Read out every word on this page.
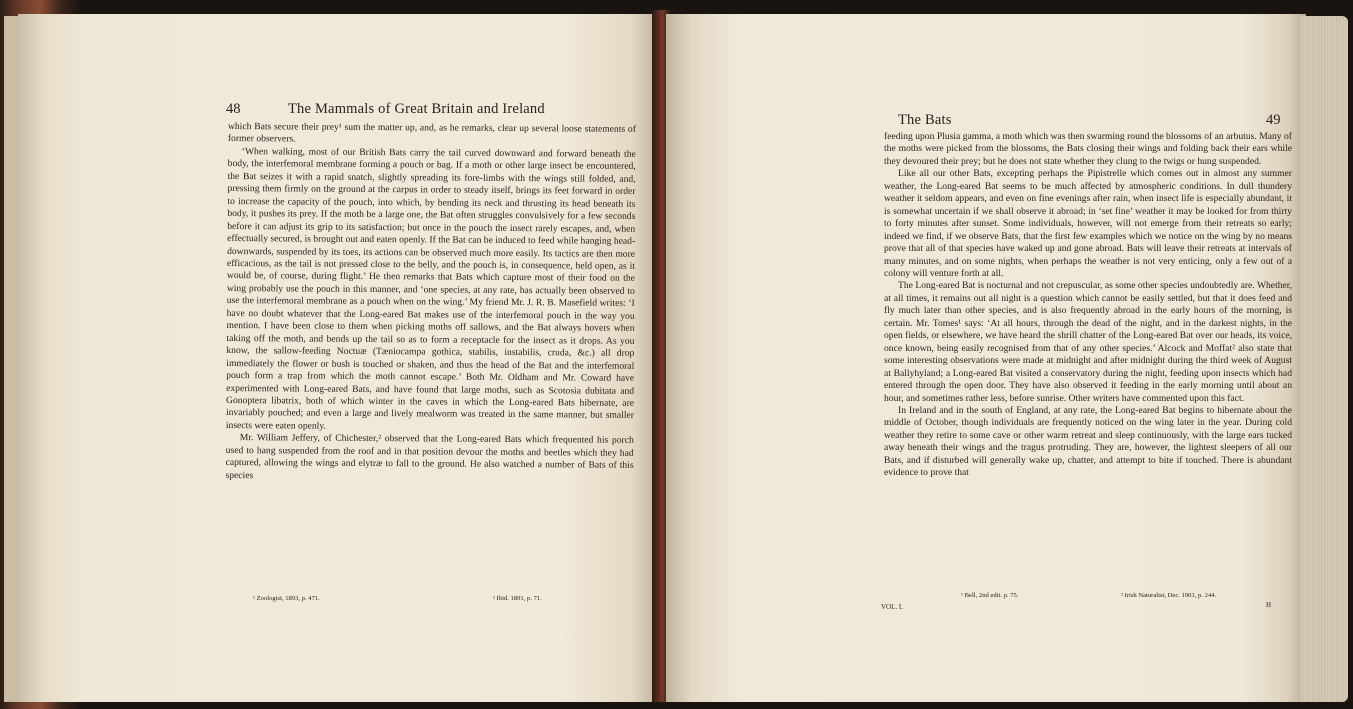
48	The Mammals of Great Britain and Ireland

which Bats secure their prey¹ sum the matter up, and, as he remarks, clear up several loose statements of former observers.

‘When walking, most of our British Bats carry the tail curved downward and forward beneath the body, the interfemoral membrane forming a pouch or bag. If a moth or other large insect be encountered, the Bat seizes it with a rapid snatch, slightly spreading its fore-limbs with the wings still folded, and, pressing them firmly on the ground at the carpus in order to steady itself, brings its feet forward in order to increase the capacity of the pouch, into which, by bending its neck and thrusting its head beneath its body, it pushes its prey. If the moth be a large one, the Bat often struggles convulsively for a few seconds before it can adjust its grip to its satisfaction; but once in the pouch the insect rarely escapes, and, when effectually secured, is brought out and eaten openly. If the Bat can be induced to feed while hanging head-downwards, suspended by its toes, its actions can be observed much more easily. Its tactics are then more efficacious, as the tail is not pressed close to the belly, and the pouch is, in consequence, held open, as it would be, of course, during flight.’ He then remarks that Bats which capture most of their food on the wing probably use the pouch in this manner, and ‘one species, at any rate, has actually been observed to use the interfemoral membrane as a pouch when on the wing.’ My friend Mr. J. R. B. Masefield writes: ‘I have no doubt whatever that the Long-eared Bat makes use of the interfemoral pouch in the way you mention. I have been close to them when picking moths off sallows, and the Bat always hovers when taking off the moth, and bends up the tail so as to form a receptacle for the insect as it drops. As you know, the sallow-feeding Noctuæ (Tæniocampa gothica, stabilis, instabilis, cruda, &c.) all drop immediately the flower or bush is touched or shaken, and thus the head of the Bat and the interfemoral pouch form a trap from which the moth cannot escape.’ Both Mr. Oldham and Mr. Coward have experimented with Long-eared Bats, and have found that large moths, such as Scotosia dubitata and Gonoptera libatrix, both of which winter in the caves in which the Long-eared Bats hibernate, are invariably pouched; and even a large and lively mealworm was treated in the same manner, but smaller insects were eaten openly.

Mr. William Jeffery, of Chichester,² observed that the Long-eared Bats which frequented his porch used to hang suspended from the roof and in that position devour the moths and beetles which they had captured, allowing the wings and elytræ to fall to the ground. He also watched a number of Bats of this species

¹ Zoologist, 1893, p. 471.	² Ibid. 1891, p. 71.
The Bats	49

feeding upon Plusia gamma, a moth which was then swarming round the blossoms of an arbutus. Many of the moths were picked from the blossoms, the Bats closing their wings and folding back their ears while they devoured their prey; but he does not state whether they clung to the twigs or hung suspended.

Like all our other Bats, excepting perhaps the Pipistrelle which comes out in almost any summer weather, the Long-eared Bat seems to be much affected by atmospheric conditions. In dull thundery weather it seldom appears, and even on fine evenings after rain, when insect life is especially abundant, it is somewhat uncertain if we shall observe it abroad; in ‘set fine’ weather it may be looked for from thirty to forty minutes after sunset. Some individuals, however, will not emerge from their retreats so early; indeed we find, if we observe Bats, that the first few examples which we notice on the wing by no means prove that all of that species have waked up and gone abroad. Bats will leave their retreats at intervals of many minutes, and on some nights, when perhaps the weather is not very enticing, only a few out of a colony will venture forth at all.

The Long-eared Bat is nocturnal and not crepuscular, as some other species undoubtedly are. Whether, at all times, it remains out all night is a question which cannot be easily settled, but that it does feed and fly much later than other species, and is also frequently abroad in the early hours of the morning, is certain. Mr. Tomes¹ says: ‘At all hours, through the dead of the night, and in the darkest nights, in the open fields, or elsewhere, we have heard the shrill chatter of the Long-eared Bat over our heads, its voice, once known, being easily recognised from that of any other species.’ Alcock and Moffat² also state that some interesting observations were made at midnight and after midnight during the third week of August at Ballyhyland; a Long-eared Bat visited a conservatory during the night, feeding upon insects which had entered through the open door. They have also observed it feeding in the early morning until about an hour, and sometimes rather less, before sunrise. Other writers have commented upon this fact.

In Ireland and in the south of England, at any rate, the Long-eared Bat begins to hibernate about the middle of October, though individuals are frequently noticed on the wing later in the year. During cold weather they retire to some cave or other warm retreat and sleep continuously, with the large ears tucked away beneath their wings and the tragus protruding. They are, however, the lightest sleepers of all our Bats, and if disturbed will generally wake up, chatter, and attempt to bite if touched. There is abundant evidence to prove that

¹ Bell, 2nd edit. p. 75.	² Irish Naturalist, Dec. 1901, p. 244.
VOL. I.	H
